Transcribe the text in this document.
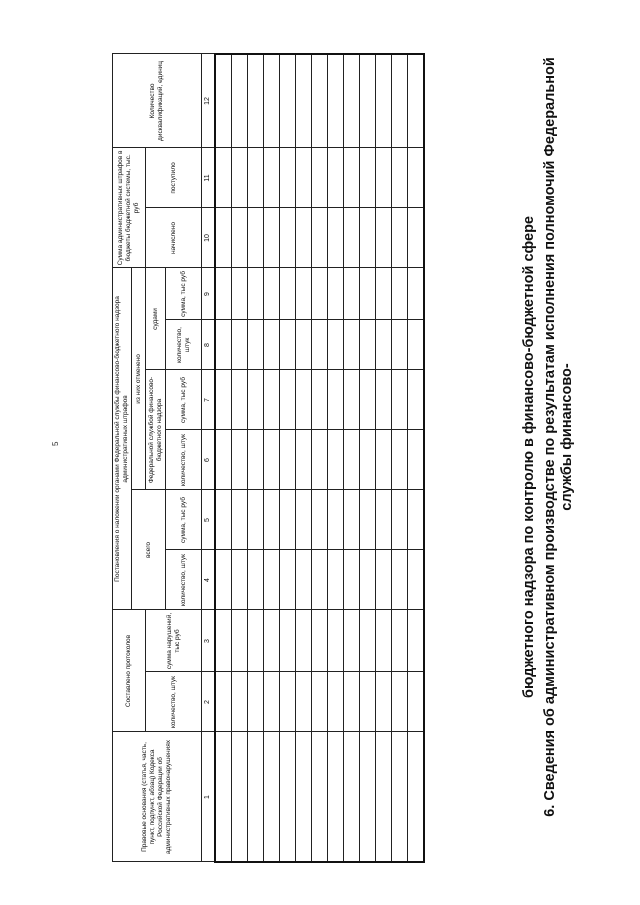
5	6. Сведения об административном производстве по результатам исполнения полномочий Федеральной службы финансово-

бюджетного надзора по контролю в финансово-бюджетной сфере

Правовые основания (статья, часть, пункт, подпункт, абзац) Кодекса Российской Федерации об административных правонарушениях	Составлено протоколов		Постановления о наложении органами Федеральной службы финансово-бюджетного надзора административных штрафов						Сумма административных штрафов в бюджеты бюджетной системы, тыс. руб		Количество дисквалификаций, единиц
			всего		из них отменено						
	количество, штук	сумма нарушений, тыс руб			Федеральной службой финансово-бюджетного надзора		судами		начислено	поступило	
			количество, штук	сумма, тыс руб	количество, штук	сумма, тыс руб	количество, штук	сумма, тыс руб			
1	2	3	4	5	6	7	8	9	10	11	12
